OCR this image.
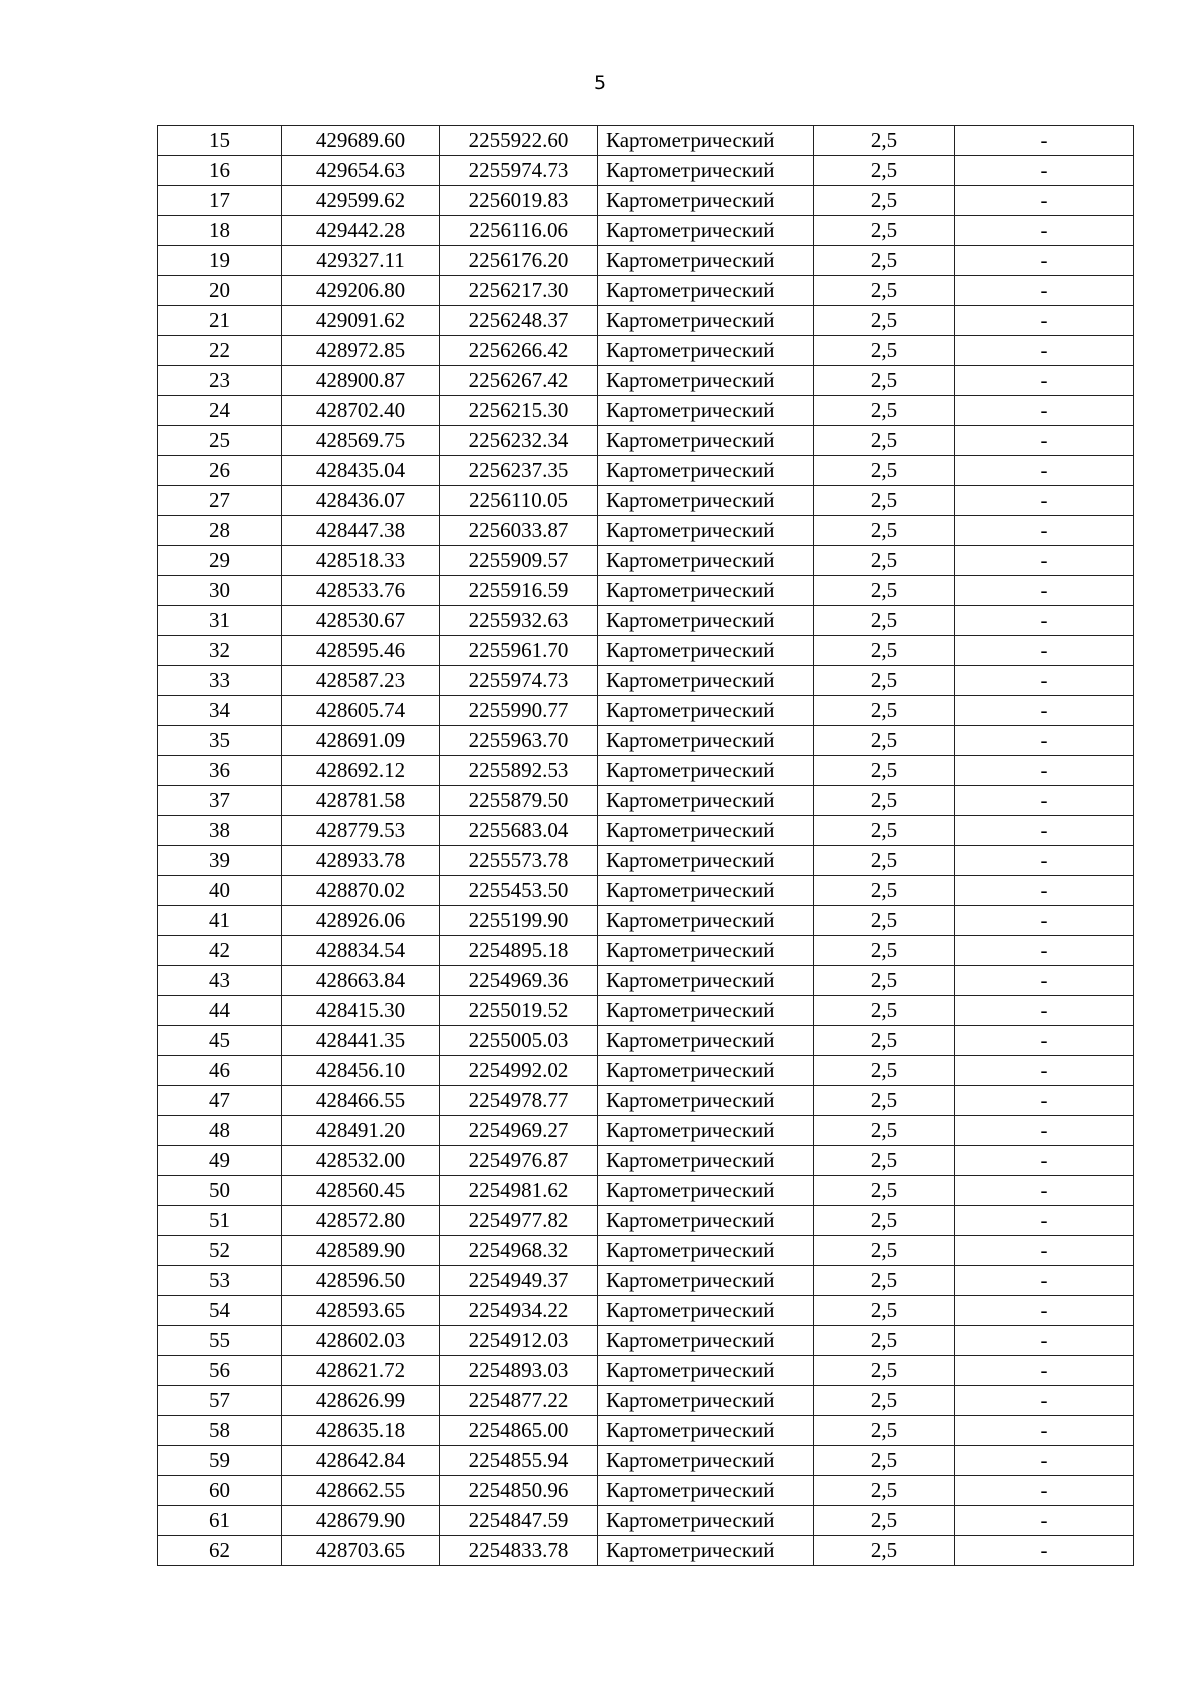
5
15	429689.60	2255922.60	Картометрический	2,5	-
16	429654.63	2255974.73	Картометрический	2,5	-
17	429599.62	2256019.83	Картометрический	2,5	-
18	429442.28	2256116.06	Картометрический	2,5	-
19	429327.11	2256176.20	Картометрический	2,5	-
20	429206.80	2256217.30	Картометрический	2,5	-
21	429091.62	2256248.37	Картометрический	2,5	-
22	428972.85	2256266.42	Картометрический	2,5	-
23	428900.87	2256267.42	Картометрический	2,5	-
24	428702.40	2256215.30	Картометрический	2,5	-
25	428569.75	2256232.34	Картометрический	2,5	-
26	428435.04	2256237.35	Картометрический	2,5	-
27	428436.07	2256110.05	Картометрический	2,5	-
28	428447.38	2256033.87	Картометрический	2,5	-
29	428518.33	2255909.57	Картометрический	2,5	-
30	428533.76	2255916.59	Картометрический	2,5	-
31	428530.67	2255932.63	Картометрический	2,5	-
32	428595.46	2255961.70	Картометрический	2,5	-
33	428587.23	2255974.73	Картометрический	2,5	-
34	428605.74	2255990.77	Картометрический	2,5	-
35	428691.09	2255963.70	Картометрический	2,5	-
36	428692.12	2255892.53	Картометрический	2,5	-
37	428781.58	2255879.50	Картометрический	2,5	-
38	428779.53	2255683.04	Картометрический	2,5	-
39	428933.78	2255573.78	Картометрический	2,5	-
40	428870.02	2255453.50	Картометрический	2,5	-
41	428926.06	2255199.90	Картометрический	2,5	-
42	428834.54	2254895.18	Картометрический	2,5	-
43	428663.84	2254969.36	Картометрический	2,5	-
44	428415.30	2255019.52	Картометрический	2,5	-
45	428441.35	2255005.03	Картометрический	2,5	-
46	428456.10	2254992.02	Картометрический	2,5	-
47	428466.55	2254978.77	Картометрический	2,5	-
48	428491.20	2254969.27	Картометрический	2,5	-
49	428532.00	2254976.87	Картометрический	2,5	-
50	428560.45	2254981.62	Картометрический	2,5	-
51	428572.80	2254977.82	Картометрический	2,5	-
52	428589.90	2254968.32	Картометрический	2,5	-
53	428596.50	2254949.37	Картометрический	2,5	-
54	428593.65	2254934.22	Картометрический	2,5	-
55	428602.03	2254912.03	Картометрический	2,5	-
56	428621.72	2254893.03	Картометрический	2,5	-
57	428626.99	2254877.22	Картометрический	2,5	-
58	428635.18	2254865.00	Картометрический	2,5	-
59	428642.84	2254855.94	Картометрический	2,5	-
60	428662.55	2254850.96	Картометрический	2,5	-
61	428679.90	2254847.59	Картометрический	2,5	-
62	428703.65	2254833.78	Картометрический	2,5	-
